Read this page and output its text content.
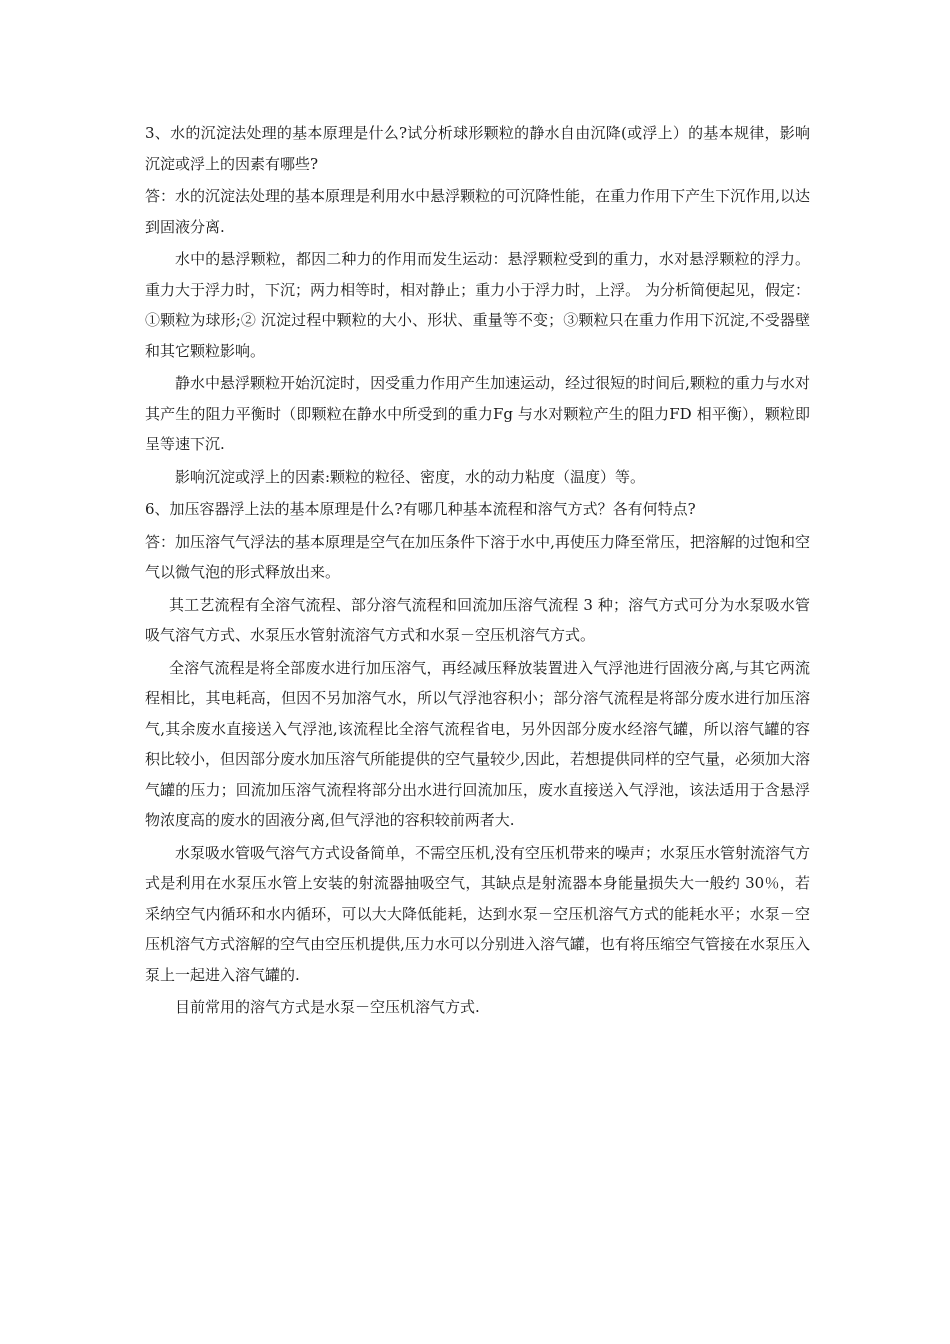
3、水的沉淀法处理的基本原理是什么?试分析球形颗粒的静水自由沉降(或浮上）的基本规律，影响沉淀或浮上的因素有哪些?

答：水的沉淀法处理的基本原理是利用水中悬浮颗粒的可沉降性能，在重力作用下产生下沉作用,以达到固液分离.

水中的悬浮颗粒，都因二种力的作用而发生运动：悬浮颗粒受到的重力，水对悬浮颗粒的浮力。重力大于浮力时，下沉；两力相等时，相对静止；重力小于浮力时，上浮。 为分析简便起见，假定：①颗粒为球形;② 沉淀过程中颗粒的大小、形状、重量等不变；③颗粒只在重力作用下沉淀,不受器壁和其它颗粒影响。

静水中悬浮颗粒开始沉淀时，因受重力作用产生加速运动，经过很短的时间后,颗粒的重力与水对其产生的阻力平衡时（即颗粒在静水中所受到的重力Fg 与水对颗粒产生的阻力FD 相平衡），颗粒即呈等速下沉.

影响沉淀或浮上的因素:颗粒的粒径、密度，水的动力粘度（温度）等。

6、加压容器浮上法的基本原理是什么?有哪几种基本流程和溶气方式？各有何特点?

答：加压溶气气浮法的基本原理是空气在加压条件下溶于水中,再使压力降至常压，把溶解的过饱和空气以微气泡的形式释放出来。

其工艺流程有全溶气流程、部分溶气流程和回流加压溶气流程 3 种；溶气方式可分为水泵吸水管吸气溶气方式、水泵压水管射流溶气方式和水泵－空压机溶气方式。

全溶气流程是将全部废水进行加压溶气，再经减压释放装置进入气浮池进行固液分离,与其它两流程相比，其电耗高，但因不另加溶气水，所以气浮池容积小；部分溶气流程是将部分废水进行加压溶气,其余废水直接送入气浮池,该流程比全溶气流程省电，另外因部分废水经溶气罐，所以溶气罐的容积比较小，但因部分废水加压溶气所能提供的空气量较少,因此，若想提供同样的空气量，必须加大溶气罐的压力；回流加压溶气流程将部分出水进行回流加压，废水直接送入气浮池，该法适用于含悬浮物浓度高的废水的固液分离,但气浮池的容积较前两者大.

水泵吸水管吸气溶气方式设备简单，不需空压机,没有空压机带来的噪声；水泵压水管射流溶气方式是利用在水泵压水管上安装的射流器抽吸空气，其缺点是射流器本身能量损失大一般约 30％，若采纳空气内循环和水内循环，可以大大降低能耗，达到水泵－空压机溶气方式的能耗水平；水泵－空压机溶气方式溶解的空气由空压机提供,压力水可以分别进入溶气罐，也有将压缩空气管接在水泵压入泵上一起进入溶气罐的.

目前常用的溶气方式是水泵－空压机溶气方式.
